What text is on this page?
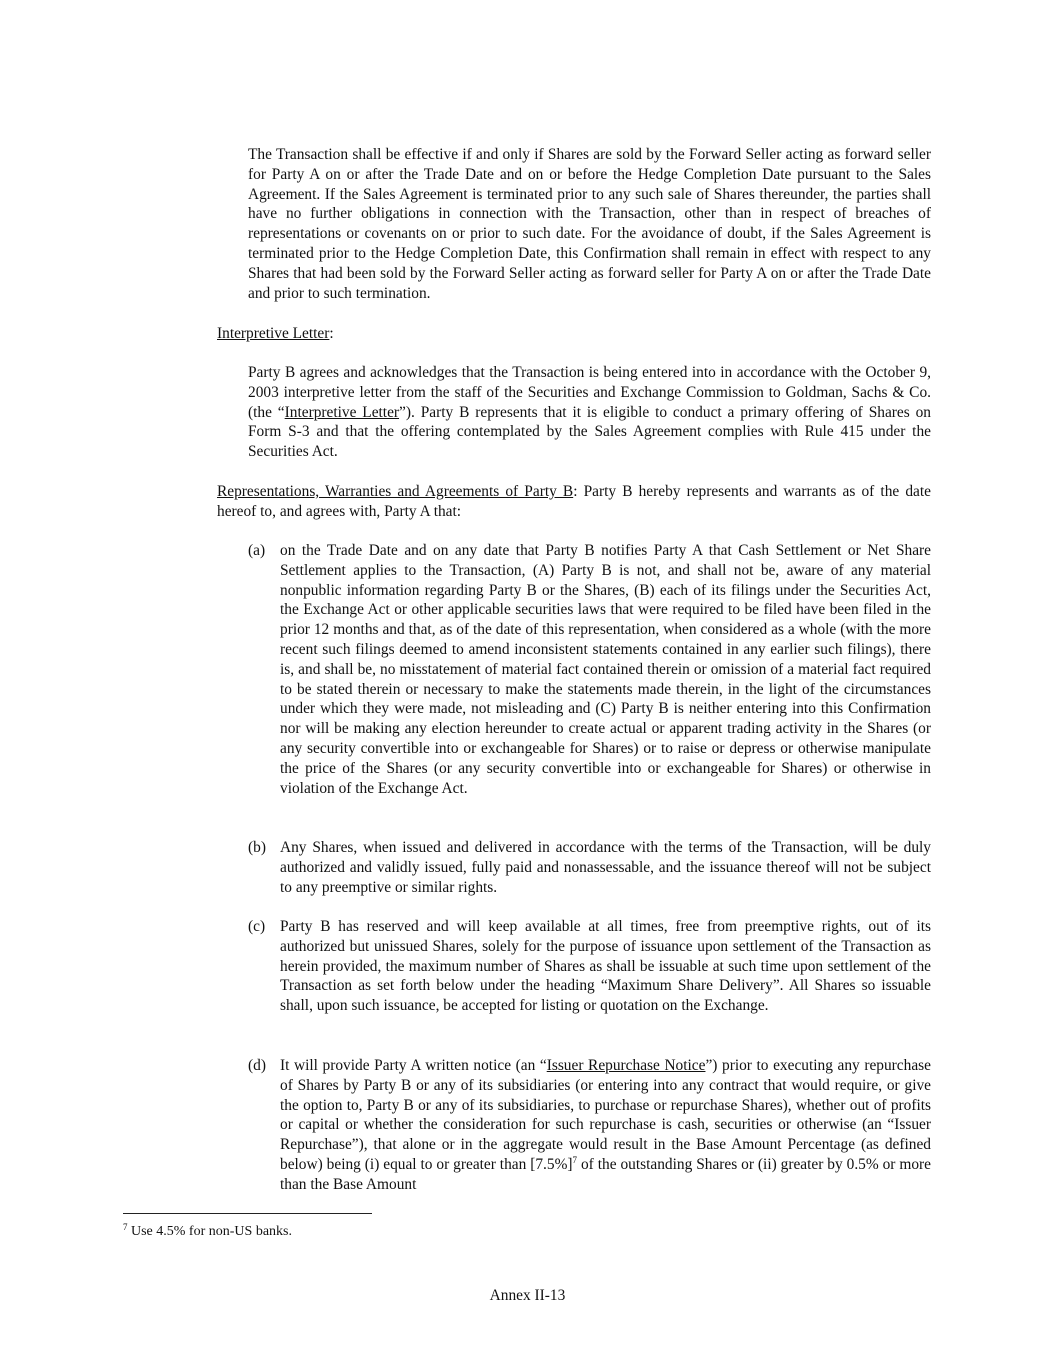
The Transaction shall be effective if and only if Shares are sold by the Forward Seller acting as forward seller for Party A on or after the Trade Date and on or before the Hedge Completion Date pursuant to the Sales Agreement. If the Sales Agreement is terminated prior to any such sale of Shares thereunder, the parties shall have no further obligations in connection with the Transaction, other than in respect of breaches of representations or covenants on or prior to such date. For the avoidance of doubt, if the Sales Agreement is terminated prior to the Hedge Completion Date, this Confirmation shall remain in effect with respect to any Shares that had been sold by the Forward Seller acting as forward seller for Party A on or after the Trade Date and prior to such termination.

Interpretive Letter:

Party B agrees and acknowledges that the Transaction is being entered into in accordance with the October 9, 2003 interpretive letter from the staff of the Securities and Exchange Commission to Goldman, Sachs & Co. (the “Interpretive Letter”). Party B represents that it is eligible to conduct a primary offering of Shares on Form S-3 and that the offering contemplated by the Sales Agreement complies with Rule 415 under the Securities Act.

Representations, Warranties and Agreements of Party B: Party B hereby represents and warrants as of the date hereof to, and agrees with, Party A that:

(a) on the Trade Date and on any date that Party B notifies Party A that Cash Settlement or Net Share Settlement applies to the Transaction, (A) Party B is not, and shall not be, aware of any material nonpublic information regarding Party B or the Shares, (B) each of its filings under the Securities Act, the Exchange Act or other applicable securities laws that were required to be filed have been filed in the prior 12 months and that, as of the date of this representation, when considered as a whole (with the more recent such filings deemed to amend inconsistent statements contained in any earlier such filings), there is, and shall be, no misstatement of material fact contained therein or omission of a material fact required to be stated therein or necessary to make the statements made therein, in the light of the circumstances under which they were made, not misleading and (C) Party B is neither entering into this Confirmation nor will be making any election hereunder to create actual or apparent trading activity in the Shares (or any security convertible into or exchangeable for Shares) or to raise or depress or otherwise manipulate the price of the Shares (or any security convertible into or exchangeable for Shares) or otherwise in violation of the Exchange Act.

(b) Any Shares, when issued and delivered in accordance with the terms of the Transaction, will be duly authorized and validly issued, fully paid and nonassessable, and the issuance thereof will not be subject to any preemptive or similar rights.

(c) Party B has reserved and will keep available at all times, free from preemptive rights, out of its authorized but unissued Shares, solely for the purpose of issuance upon settlement of the Transaction as herein provided, the maximum number of Shares as shall be issuable at such time upon settlement of the Transaction as set forth below under the heading “Maximum Share Delivery”. All Shares so issuable shall, upon such issuance, be accepted for listing or quotation on the Exchange.

(d) It will provide Party A written notice (an “Issuer Repurchase Notice”) prior to executing any repurchase of Shares by Party B or any of its subsidiaries (or entering into any contract that would require, or give the option to, Party B or any of its subsidiaries, to purchase or repurchase Shares), whether out of profits or capital or whether the consideration for such repurchase is cash, securities or otherwise (an “Issuer Repurchase”), that alone or in the aggregate would result in the Base Amount Percentage (as defined below) being (i) equal to or greater than $[7.5\%]^7$ of the outstanding Shares or (ii) greater by 0.5% or more than the Base Amount

$^7$ Use 4.5% for non-US banks.

Annex II-13
